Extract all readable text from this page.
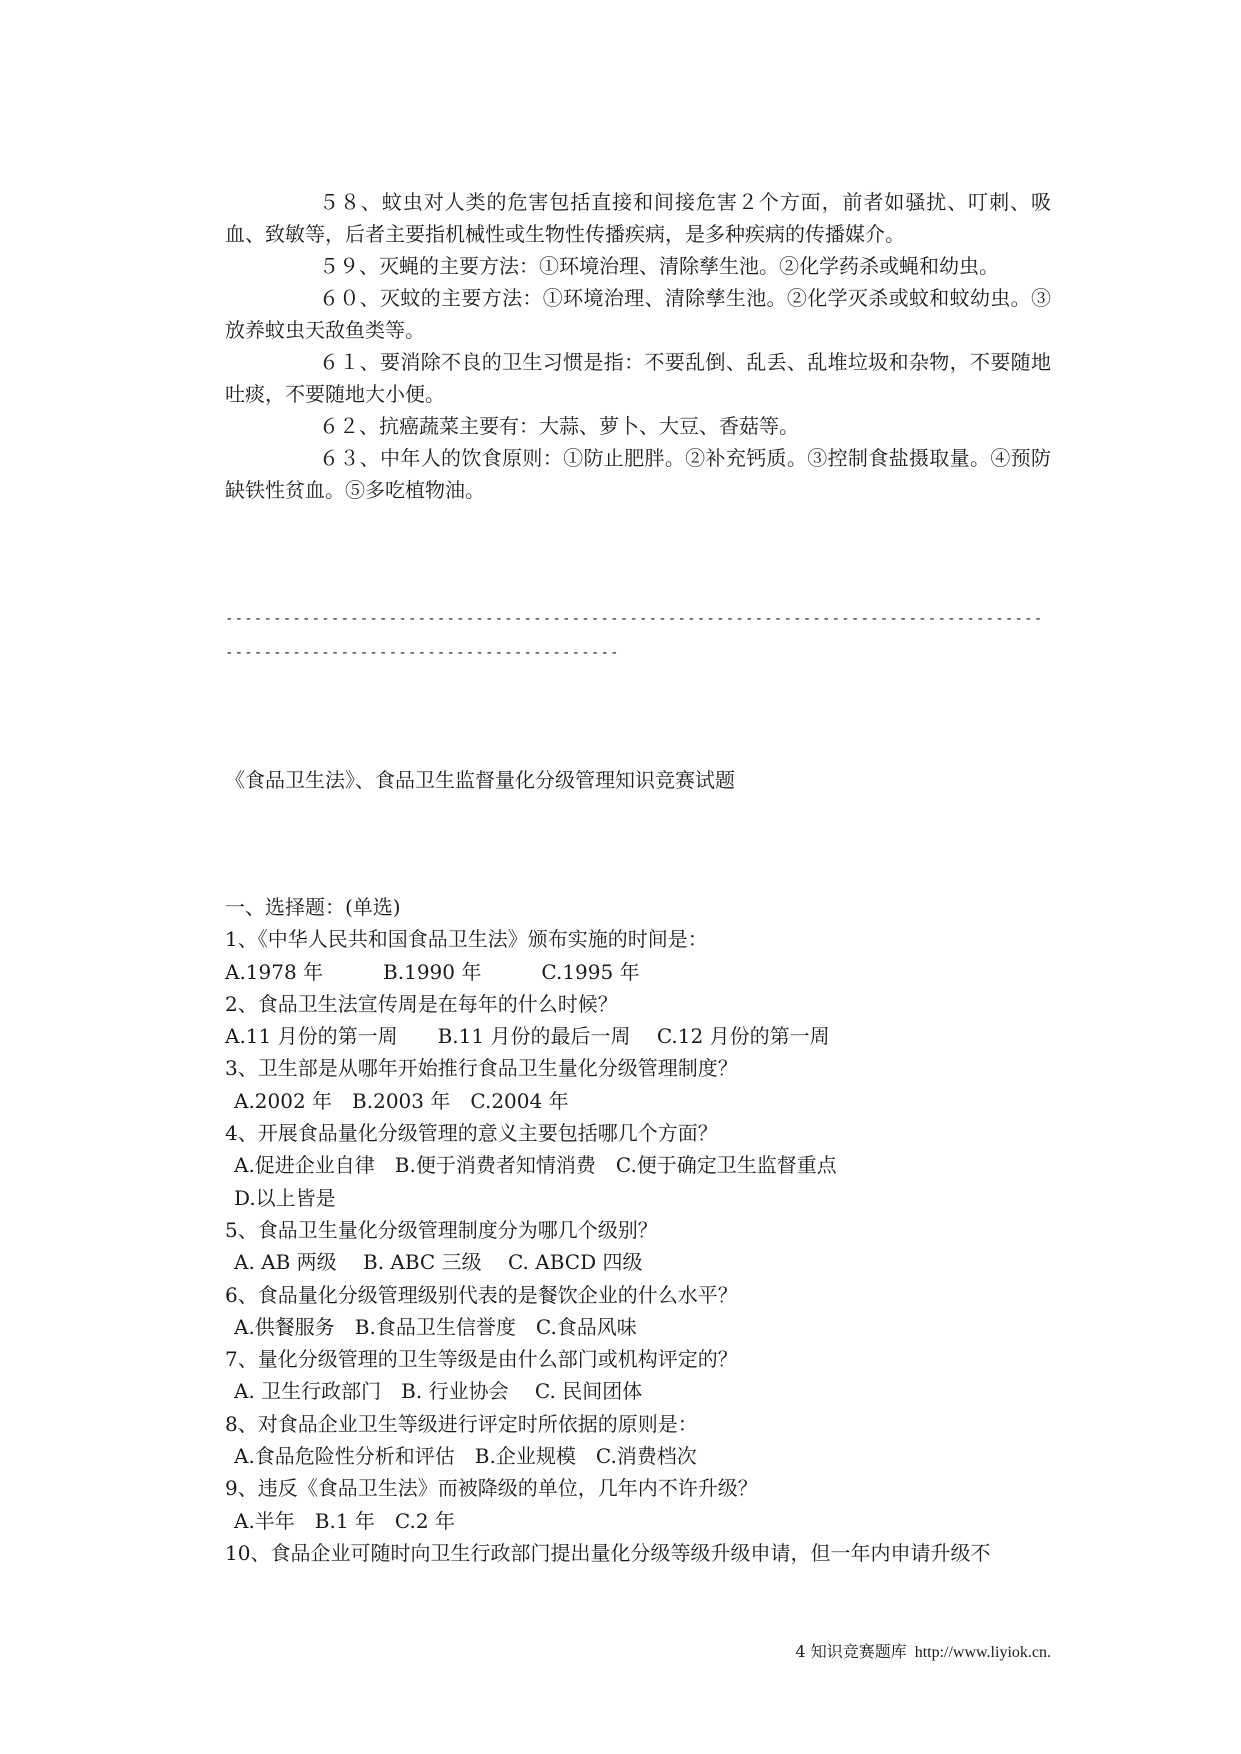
５８、蚊虫对人类的危害包括直接和间接危害２个方面，前者如骚扰、叮刺、吸血、致敏等，后者主要指机械性或生物性传播疾病，是多种疾病的传播媒介。

５９、灭蝇的主要方法：①环境治理、清除孳生池。②化学药杀或蝇和幼虫。

６０、灭蚊的主要方法：①环境治理、清除孳生池。②化学灭杀或蚊和蚊幼虫。③放养蚊虫天敌鱼类等。

６１、要消除不良的卫生习惯是指：不要乱倒、乱丢、乱堆垃圾和杂物，不要随地吐痰，不要随地大小便。

６２、抗癌蔬菜主要有：大蒜、萝卜、大豆、香菇等。

６３、中年人的饮食原则：①防止肥胖。②补充钙质。③控制食盐摄取量。④预防缺铁性贫血。⑤多吃植物油。

------------------------------------------------------------------------------------------------------------------------------
《食品卫生法》、食品卫生监督量化分级管理知识竞赛试题

一、选择题：(单选)

1、《中华人民共和国食品卫生法》颁布实施的时间是：

A.1978 年　　　B.1990 年　　　C.1995 年

2、食品卫生法宣传周是在每年的什么时候？

A.11 月份的第一周　　B.11 月份的最后一周　 C.12 月份的第一周

3、卫生部是从哪年开始推行食品卫生量化分级管理制度？

A.2002 年　B.2003 年　C.2004 年

4、开展食品量化分级管理的意义主要包括哪几个方面？

A.促进企业自律　B.便于消费者知情消费　C.便于确定卫生监督重点

D.以上皆是

5、食品卫生量化分级管理制度分为哪几个级别？

A. AB 两级　 B. ABC 三级　 C. ABCD 四级

6、食品量化分级管理级别代表的是餐饮企业的什么水平？

A.供餐服务　B.食品卫生信誉度　C.食品风味

7、量化分级管理的卫生等级是由什么部门或机构评定的？

A. 卫生行政部门　B. 行业协会　 C. 民间团体

8、对食品企业卫生等级进行评定时所依据的原则是：

A.食品危险性分析和评估　B.企业规模　C.消费档次

9、违反《食品卫生法》而被降级的单位，几年内不许升级？

A.半年　B.1 年　C.2 年

10、食品企业可随时向卫生行政部门提出量化分级等级升级申请，但一年内申请升级不

4 知识竞赛题库 http://www.liyiok.cn.
